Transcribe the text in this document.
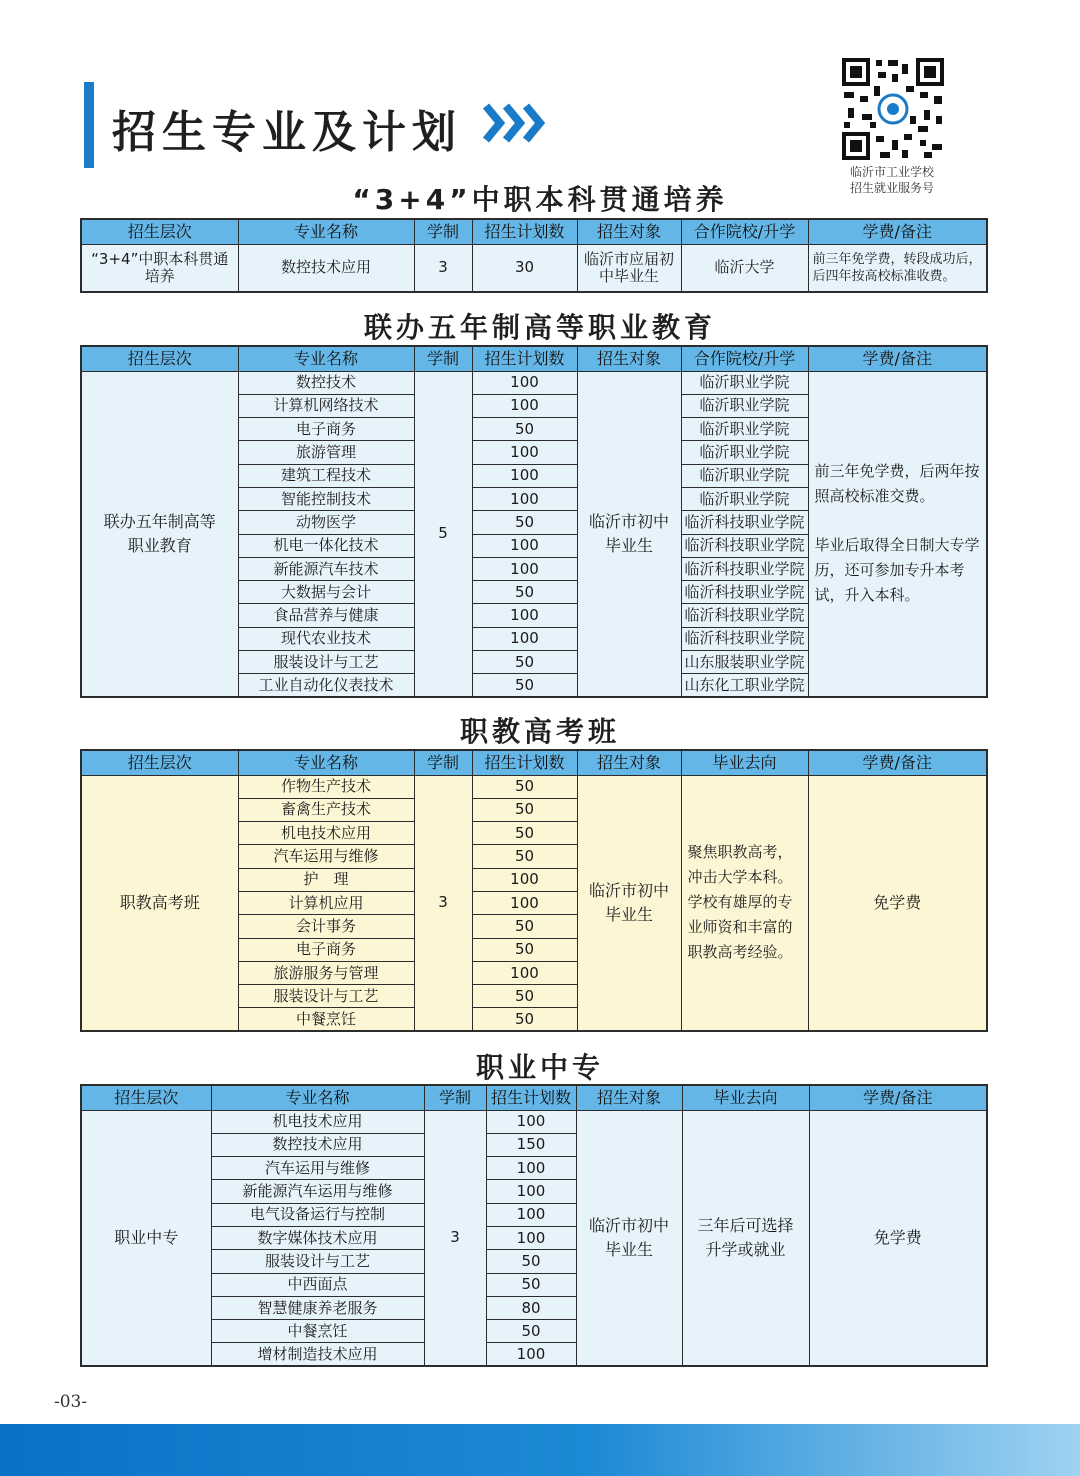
招生专业及计划
临沂市工业学校
招生就业服务号
“3+4”中职本科贯通培养
招生层次	专业名称	学制	招生计划数	招生对象	合作院校/升学	学费/备注
“3+4”中职本科贯通培养	数控技术应用	3	30	临沂市应届初中毕业生	临沂大学	前三年免学费，转段成功后，后四年按高校标准收费。
联办五年制高等职业教育
招生层次	专业名称	学制	招生计划数	招生对象	合作院校/升学	学费/备注
联办五年制高等职业教育	数控技术	5	100	临沂市初中毕业生	临沂职业学院	前三年免学费，后两年按照高校标准交费。
毕业后取得全日制大专学历，还可参加专升本考试，升入本科。

	计算机网络技术		100		临沂职业学院	
	电子商务		50		临沂职业学院	
	旅游管理		100		临沂职业学院	
	建筑工程技术		100		临沂职业学院	
	智能控制技术		100		临沂职业学院	
	动物医学		50		临沂科技职业学院	
	机电一体化技术		100		临沂科技职业学院	
	新能源汽车技术		100		临沂科技职业学院	
	大数据与会计		50		临沂科技职业学院	
	食品营养与健康		100		临沂科技职业学院	
	现代农业技术		100		临沂科技职业学院	
	服装设计与工艺		50		山东服装职业学院	
	工业自动化仪表技术		50		山东化工职业学院	
职教高考班
招生层次	专业名称	学制	招生计划数	招生对象	毕业去向	学费/备注
职教高考班	作物生产技术	3	50	临沂市初中毕业生	聚焦职教高考，冲击大学本科。学校有雄厚的专业师资和丰富的职教高考经验。	免学费
	畜禽生产技术		50			
	机电技术应用		50			
	汽车运用与维修		50			
	护　理		100			
	计算机应用		100			
	会计事务		50			
	电子商务		50			
	旅游服务与管理		100			
	服装设计与工艺		50			
	中餐烹饪		50			
职业中专
招生层次	专业名称	学制	招生计划数	招生对象	毕业去向	学费/备注
职业中专	机电技术应用	3	100	临沂市初中毕业生	三年后可选择升学或就业	免学费
	数控技术应用		150			
	汽车运用与维修		100			
	新能源汽车运用与维修		100			
	电气设备运行与控制		100			
	数字媒体技术应用		100			
	服装设计与工艺		50			
	中西面点		50			
	智慧健康养老服务		80			
	中餐烹饪		50			
	增材制造技术应用		100			
-03-
